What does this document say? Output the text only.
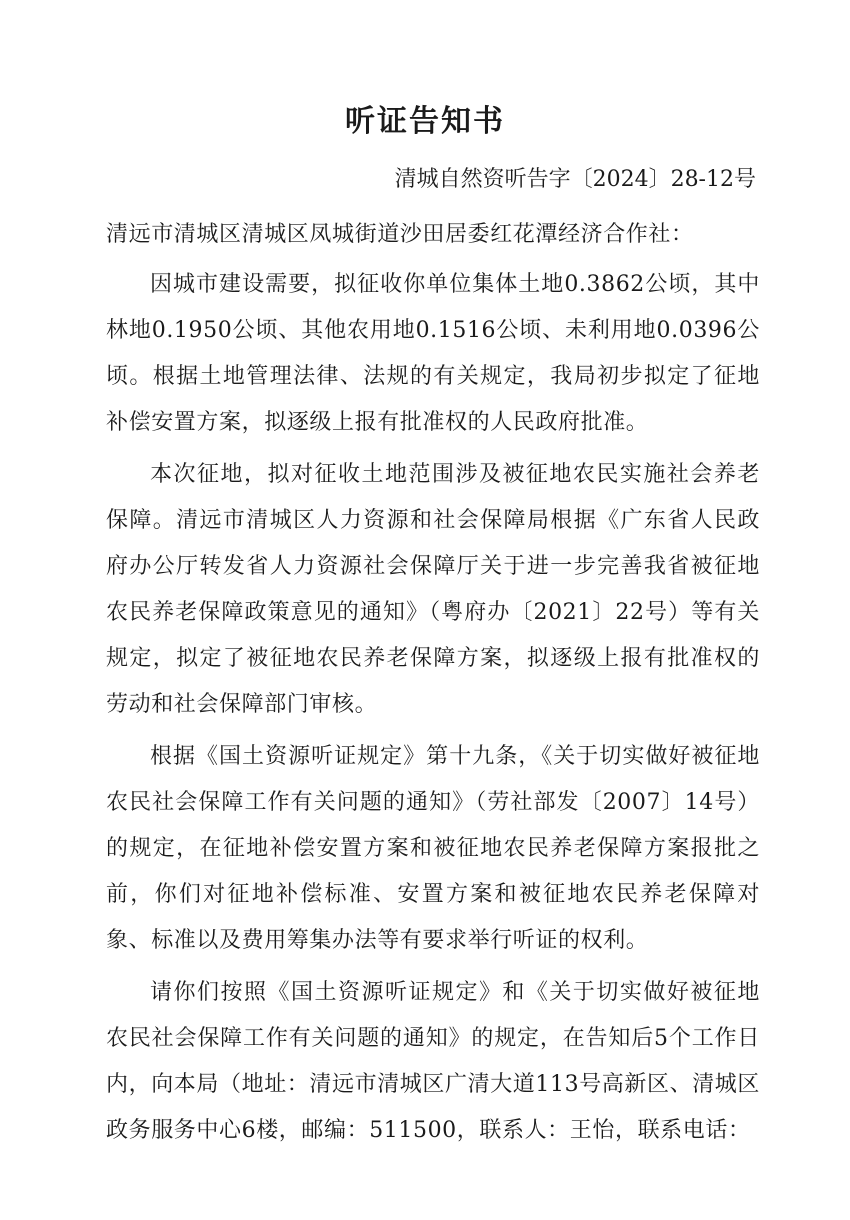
听证告知书
清城自然资听告字〔2024〕28-12号

清远市清城区清城区凤城街道沙田居委红花潭经济合作社：

因城市建设需要，拟征收你单位集体土地0.3862公顷，其中林地0.1950公顷、其他农用地0.1516公顷、未利用地0.0396公顷。根据土地管理法律、法规的有关规定，我局初步拟定了征地补偿安置方案，拟逐级上报有批准权的人民政府批准。

本次征地，拟对征收土地范围涉及被征地农民实施社会养老保障。清远市清城区人力资源和社会保障局根据《广东省人民政府办公厅转发省人力资源社会保障厅关于进一步完善我省被征地农民养老保障政策意见的通知》（粤府办〔2021〕22号）等有关规定，拟定了被征地农民养老保障方案，拟逐级上报有批准权的劳动和社会保障部门审核。

根据《国土资源听证规定》第十九条，《关于切实做好被征地农民社会保障工作有关问题的通知》（劳社部发〔2007〕14号）的规定，在征地补偿安置方案和被征地农民养老保障方案报批之前，你们对征地补偿标准、安置方案和被征地农民养老保障对象、标准以及费用筹集办法等有要求举行听证的权利。

请你们按照《国土资源听证规定》和《关于切实做好被征地农民社会保障工作有关问题的通知》的规定，在告知后5个工作日内，向本局（地址：清远市清城区广清大道113号高新区、清城区政务服务中心6楼，邮编：511500，联系人：王怡，联系电话：
